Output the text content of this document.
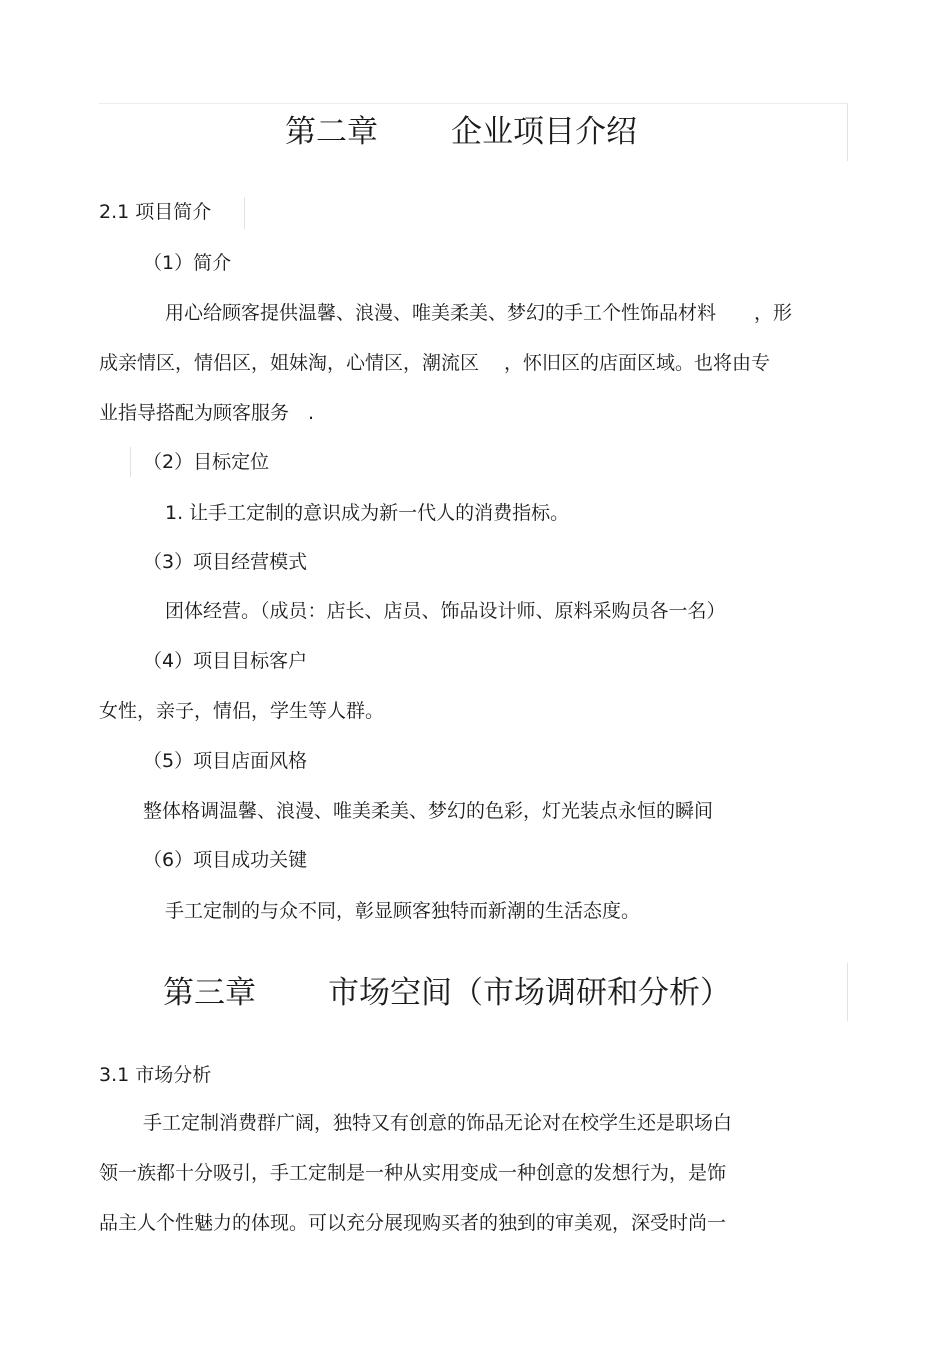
第二章 企业项目介绍
2.1 项目简介
（1）简介
用心给顾客提供温馨、浪漫、唯美柔美、梦幻的手工个性饰品材料　　，形
成亲情区，情侣区，姐妹淘，心情区，潮流区　 ，怀旧区的店面区域。也将由专
业指导搭配为顾客服务　.
（2）目标定位
1. 让手工定制的意识成为新一代人的消费指标。
（3）项目经营模式
团体经营。（成员：店长、店员、饰品设计师、原料采购员各一名）
（4）项目目标客户
女性，亲子，情侣，学生等人群。
（5）项目店面风格
整体格调温馨、浪漫、唯美柔美、梦幻的色彩，灯光装点永恒的瞬间
（6）项目成功关键
手工定制的与众不同，彰显顾客独特而新潮的生活态度。
第三章 市场空间（市场调研和分析）
3.1 市场分析
手工定制消费群广阔，独特又有创意的饰品无论对在校学生还是职场白
领一族都十分吸引，手工定制是一种从实用变成一种创意的发想行为，是饰
品主人个性魅力的体现。可以充分展现购买者的独到的审美观，深受时尚一
